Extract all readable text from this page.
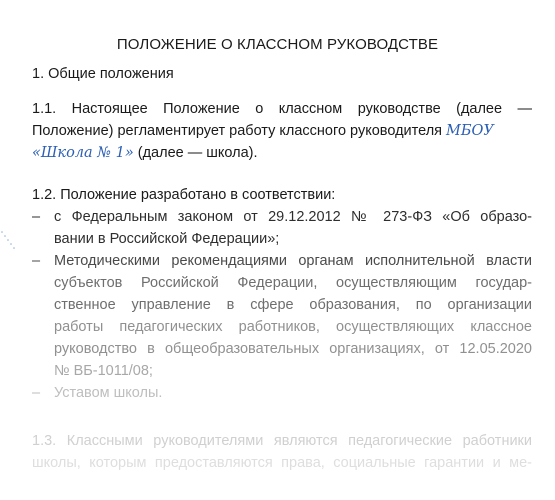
ПОЛОЖЕНИЕ О КЛАССНОМ РУКОВОДСТВЕ
1. Общие положения
1.1. Настоящее Положение о классном руководстве (далее —
Положение) регламентирует работу классного руководителя МБОУ
«Школа № 1» (далее — школа).
1.2. Положение разработано в соответствии:
– с Федеральным законом от 29.12.2012 № 273-ФЗ «Об образо-
вании в Российской Федерации»;
– Методическими рекомендациями органам исполнительной власти
субъектов Российской Федерации, осуществляющим государ-
ственное управление в сфере образования, по организации
работы педагогических работников, осуществляющих классное
руководство в общеобразовательных организациях, от 12.05.2020
№ ВБ-1011/08;
– Уставом школы.
1.3. Классными руководителями являются педагогические работники
школы, которым предоставляются права, социальные гарантии и ме-
